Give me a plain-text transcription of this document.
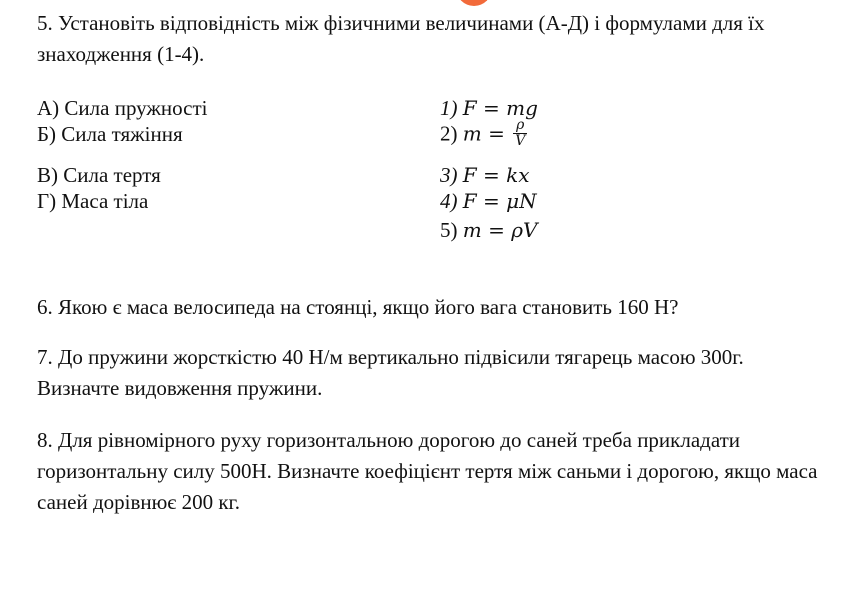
5. Установіть відповідність між фізичними величинами (А-Д) і формулами для їх знаходження (1-4).

А) Сила пружності
Б) Сила тяжіння
В) Сила тертя
Г) Маса тіла
1) F = mg
2) $m = \frac{\rho}{V}$
3) F = kx
4) F = μN
5) m = ρV

6. Якою є маса велосипеда на стоянці, якщо його вага становить 160 Н?

7. До пружини жорсткістю 40 Н/м вертикально підвісили тягарець масою 300г. Визначте видовження пружини.

8. Для рівномірного руху горизонтальною дорогою до саней треба прикладати горизонтальну силу 500Н. Визначте коефіцієнт тертя між саньми і дорогою, якщо маса саней дорівнює 200 кг.
